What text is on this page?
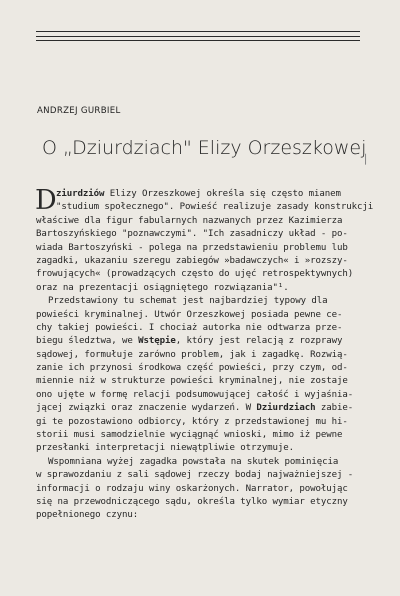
ANDRZEJ GURBIEL
O „Dziurdziach" Elizy Orzeszkowej
/
D ziurdziów Elizy Orzeszkowej określa się często mianem
"studium społecznego". Powieść realizuje zasady konstrukcji
właściwe dla figur fabularnych nazwanych przez Kazimierza
Bartoszyńskiego "poznawczymi". "Ich zasadniczy układ - po-
wiada Bartoszyński - polega na przedstawieniu problemu lub
zagadki, ukazaniu szeregu zabiegów »badawczych« i »rozszy-
frowujących« (prowadzących często do ujęć retrospektywnych)
oraz na prezentacji osiągniętego rozwiązania"¹.
Przedstawiony tu schemat jest najbardziej typowy dla
powieści kryminalnej. Utwór Orzeszkowej posiada pewne ce-
chy takiej powieści. I chociaż autorka nie odtwarza prze-
biegu śledztwa, we Wstępie, który jest relacją z rozprawy
sądowej, formułuje zarówno problem, jak i zagadkę. Rozwią-
zanie ich przynosi środkowa część powieści, przy czym, od-
miennie niż w strukturze powieści kryminalnej, nie zostaje
ono ujęte w formę relacji podsumowującej całość i wyjaśnia-
jącej związki oraz znaczenie wydarzeń. W Dziurdziach zabie-
gi te pozostawiono odbiorcy, który z przedstawionej mu hi-
storii musi samodzielnie wyciągnąć wnioski, mimo iż pewne
przesłanki interpretacji niewątpliwie otrzymuje.
Wspomniana wyżej zagadka powstała na skutek pominięcia
w sprawozdaniu z sali sądowej rzeczy bodaj najważniejszej -
informacji o rodzaju winy oskarżonych. Narrator, powołując
się na przewodniczącego sądu, określa tylko wymiar etyczny
popełnionego czynu:
